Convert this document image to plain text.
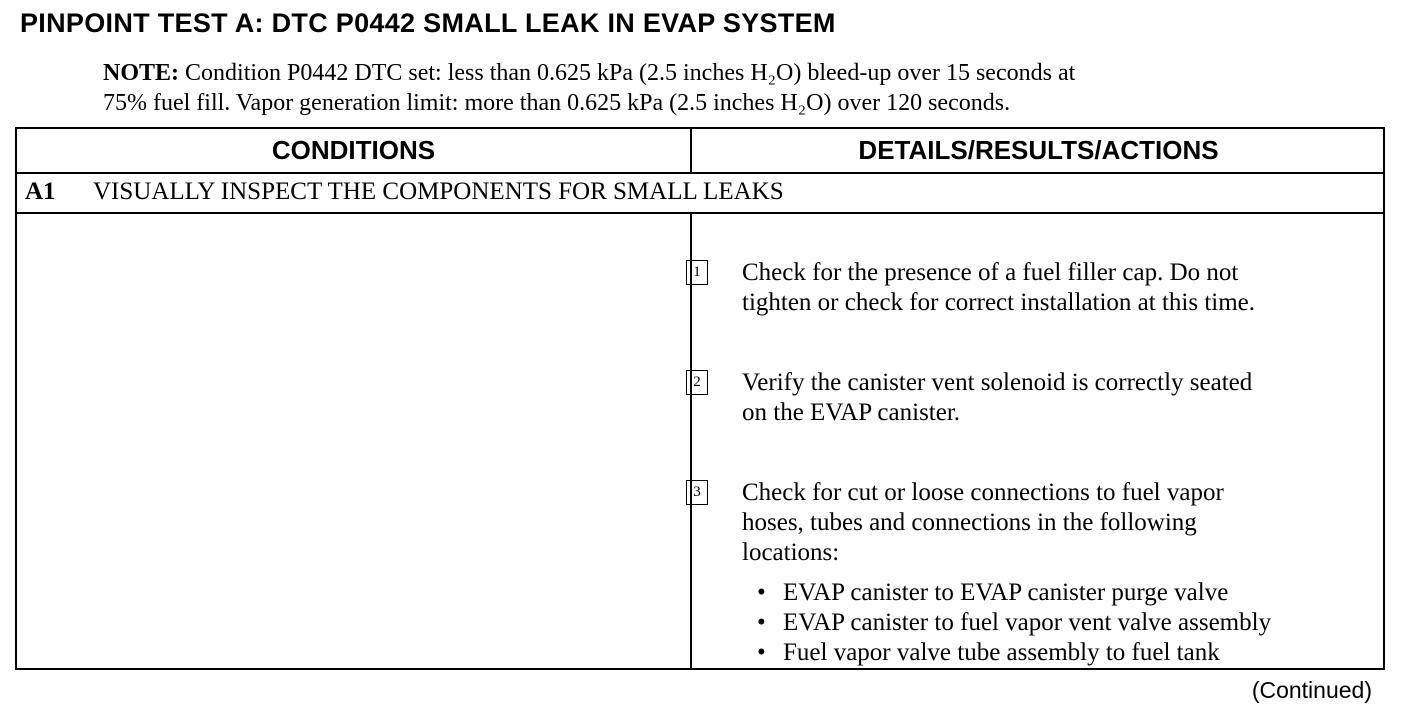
PINPOINT TEST A: DTC P0442 SMALL LEAK IN EVAP SYSTEM
NOTE: Condition P0442 DTC set: less than 0.625 kPa (2.5 inches H₂O) bleed-up over 15 seconds at
75% fuel fill. Vapor generation limit: more than 0.625 kPa (2.5 inches H₂O) over 120 seconds.
CONDITIONS	DETAILS/RESULTS/ACTIONS
A1 VISUALLY INSPECT THE COMPONENTS FOR SMALL LEAKS
1 Check for the presence of a fuel filler cap. Do not
tighten or check for correct installation at this time.
2 Verify the canister vent solenoid is correctly seated
on the EVAP canister.
3 Check for cut or loose connections to fuel vapor
hoses, tubes and connections in the following
locations:
• EVAP canister to EVAP canister purge valve
• EVAP canister to fuel vapor vent valve assembly
• Fuel vapor valve tube assembly to fuel tank
(Continued)
